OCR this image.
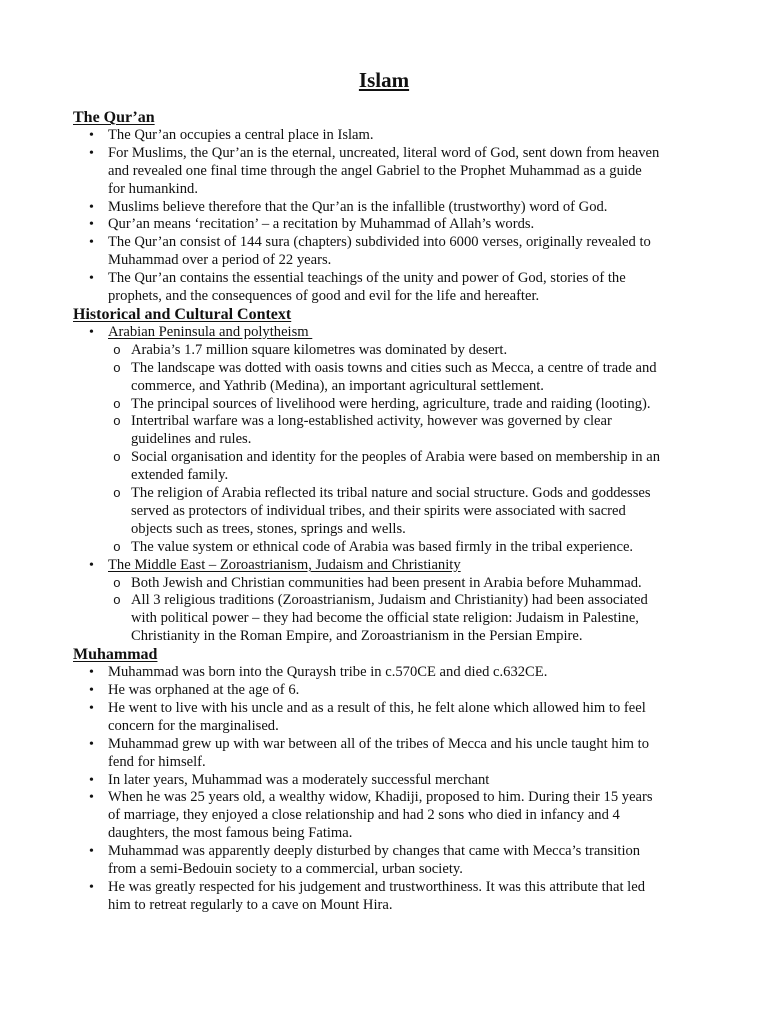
Islam
The Qur’an
• The Qur’an occupies a central place in Islam.
• For Muslims, the Qur’an is the eternal, uncreated, literal word of God, sent down from heaven
and revealed one final time through the angel Gabriel to the Prophet Muhammad as a guide
for humankind.
• Muslims believe therefore that the Qur’an is the infallible (trustworthy) word of God.
• Qur’an means ‘recitation’ – a recitation by Muhammad of Allah’s words.
• The Qur’an consist of 144 sura (chapters) subdivided into 6000 verses, originally revealed to
Muhammad over a period of 22 years.
• The Qur’an contains the essential teachings of the unity and power of God, stories of the
prophets, and the consequences of good and evil for the life and hereafter.
Historical and Cultural Context
• Arabian Peninsula and polytheism
o Arabia’s 1.7 million square kilometres was dominated by desert.
o The landscape was dotted with oasis towns and cities such as Mecca, a centre of trade and
commerce, and Yathrib (Medina), an important agricultural settlement.
o The principal sources of livelihood were herding, agriculture, trade and raiding (looting).
o Intertribal warfare was a long-established activity, however was governed by clear
guidelines and rules.
o Social organisation and identity for the peoples of Arabia were based on membership in an
extended family.
o The religion of Arabia reflected its tribal nature and social structure. Gods and goddesses
served as protectors of individual tribes, and their spirits were associated with sacred
objects such as trees, stones, springs and wells.
o The value system or ethnical code of Arabia was based firmly in the tribal experience.
• The Middle East – Zoroastrianism, Judaism and Christianity
o Both Jewish and Christian communities had been present in Arabia before Muhammad.
o All 3 religious traditions (Zoroastrianism, Judaism and Christianity) had been associated
with political power – they had become the official state religion: Judaism in Palestine,
Christianity in the Roman Empire, and Zoroastrianism in the Persian Empire.
Muhammad
• Muhammad was born into the Quraysh tribe in c.570CE and died c.632CE.
• He was orphaned at the age of 6.
• He went to live with his uncle and as a result of this, he felt alone which allowed him to feel
concern for the marginalised.
• Muhammad grew up with war between all of the tribes of Mecca and his uncle taught him to
fend for himself.
• In later years, Muhammad was a moderately successful merchant
• When he was 25 years old, a wealthy widow, Khadiji, proposed to him. During their 15 years
of marriage, they enjoyed a close relationship and had 2 sons who died in infancy and 4
daughters, the most famous being Fatima.
• Muhammad was apparently deeply disturbed by changes that came with Mecca’s transition
from a semi-Bedouin society to a commercial, urban society.
• He was greatly respected for his judgement and trustworthiness. It was this attribute that led
him to retreat regularly to a cave on Mount Hira.
